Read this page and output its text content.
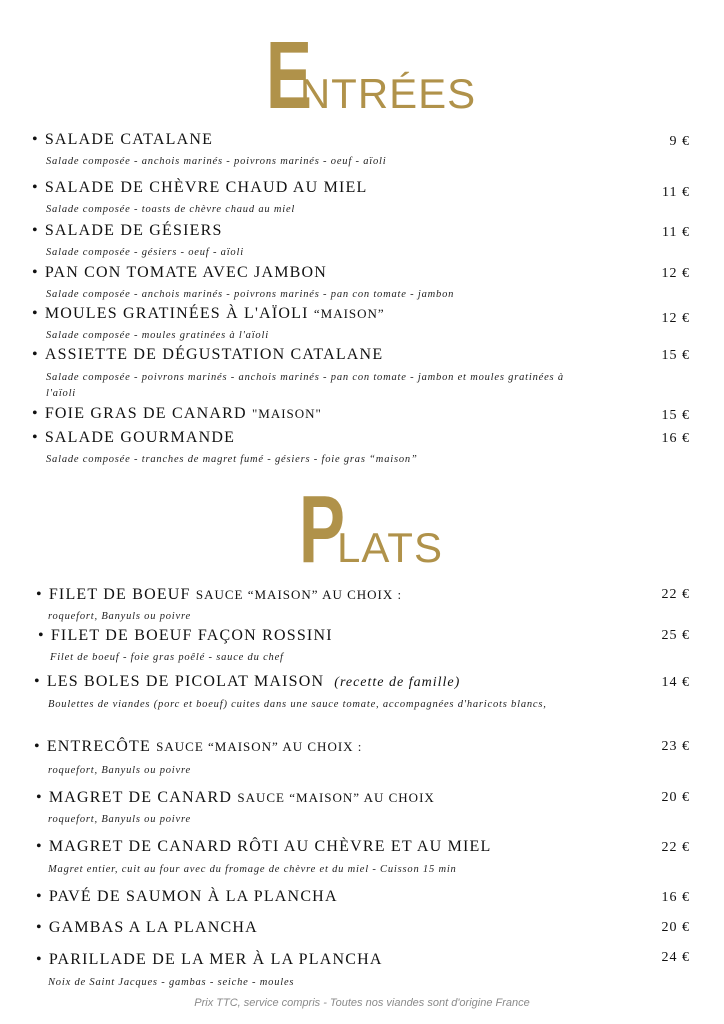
ENTRÉES
• SALADE CATALANE	9 €
Salade composée - anchois marinés - poivrons marinés - oeuf - aïoli
• SALADE DE CHÈVRE CHAUD AU MIEL	11 €
Salade composée - toasts de chèvre chaud au miel
• SALADE DE GÉSIERS	11 €
Salade composée - gésiers - oeuf - aïoli
• PAN CON TOMATE AVEC JAMBON	12 €
Salade composée - anchois marinés - poivrons marinés - pan con tomate - jambon
• MOULES GRATINÉES À L'AÏOLI “MAISON”	12 €
Salade composée - moules gratinées à l'aïoli
• ASSIETTE DE DÉGUSTATION CATALANE	15 €
Salade composée - poivrons marinés - anchois marinés - pan con tomate - jambon et moules gratinées à l'aïoli
• FOIE GRAS DE CANARD "MAISON"	15 €
• SALADE GOURMANDE	16 €
Salade composée - tranches de magret fumé - gésiers - foie gras “maison”
PLATS
• FILET DE BOEUF SAUCE “MAISON” AU CHOIX :	22 €
roquefort, Banyuls ou poivre
• FILET DE BOEUF FAÇON ROSSINI	25 €
Filet de boeuf - foie gras poêlé - sauce du chef
• LES BOLES DE PICOLAT MAISON (recette de famille)	14 €
Boulettes de viandes (porc et boeuf) cuites dans une sauce tomate, accompagnées d'haricots blancs,
• ENTRECÔTE SAUCE “MAISON” AU CHOIX :	23 €
roquefort, Banyuls ou poivre
• MAGRET DE CANARD SAUCE “MAISON” AU CHOIX	20 €
roquefort, Banyuls ou poivre
• MAGRET DE CANARD RÔTI AU CHÈVRE ET AU MIEL	22 €
Magret entier, cuit au four avec du fromage de chèvre et du miel - Cuisson 15 min
• PAVÉ DE SAUMON À LA PLANCHA	16 €
• GAMBAS A LA PLANCHA	20 €
• PARILLADE DE LA MER À LA PLANCHA	24 €
Noix de Saint Jacques - gambas - seiche - moules
Prix TTC, service compris - Toutes nos viandes sont d'origine France
